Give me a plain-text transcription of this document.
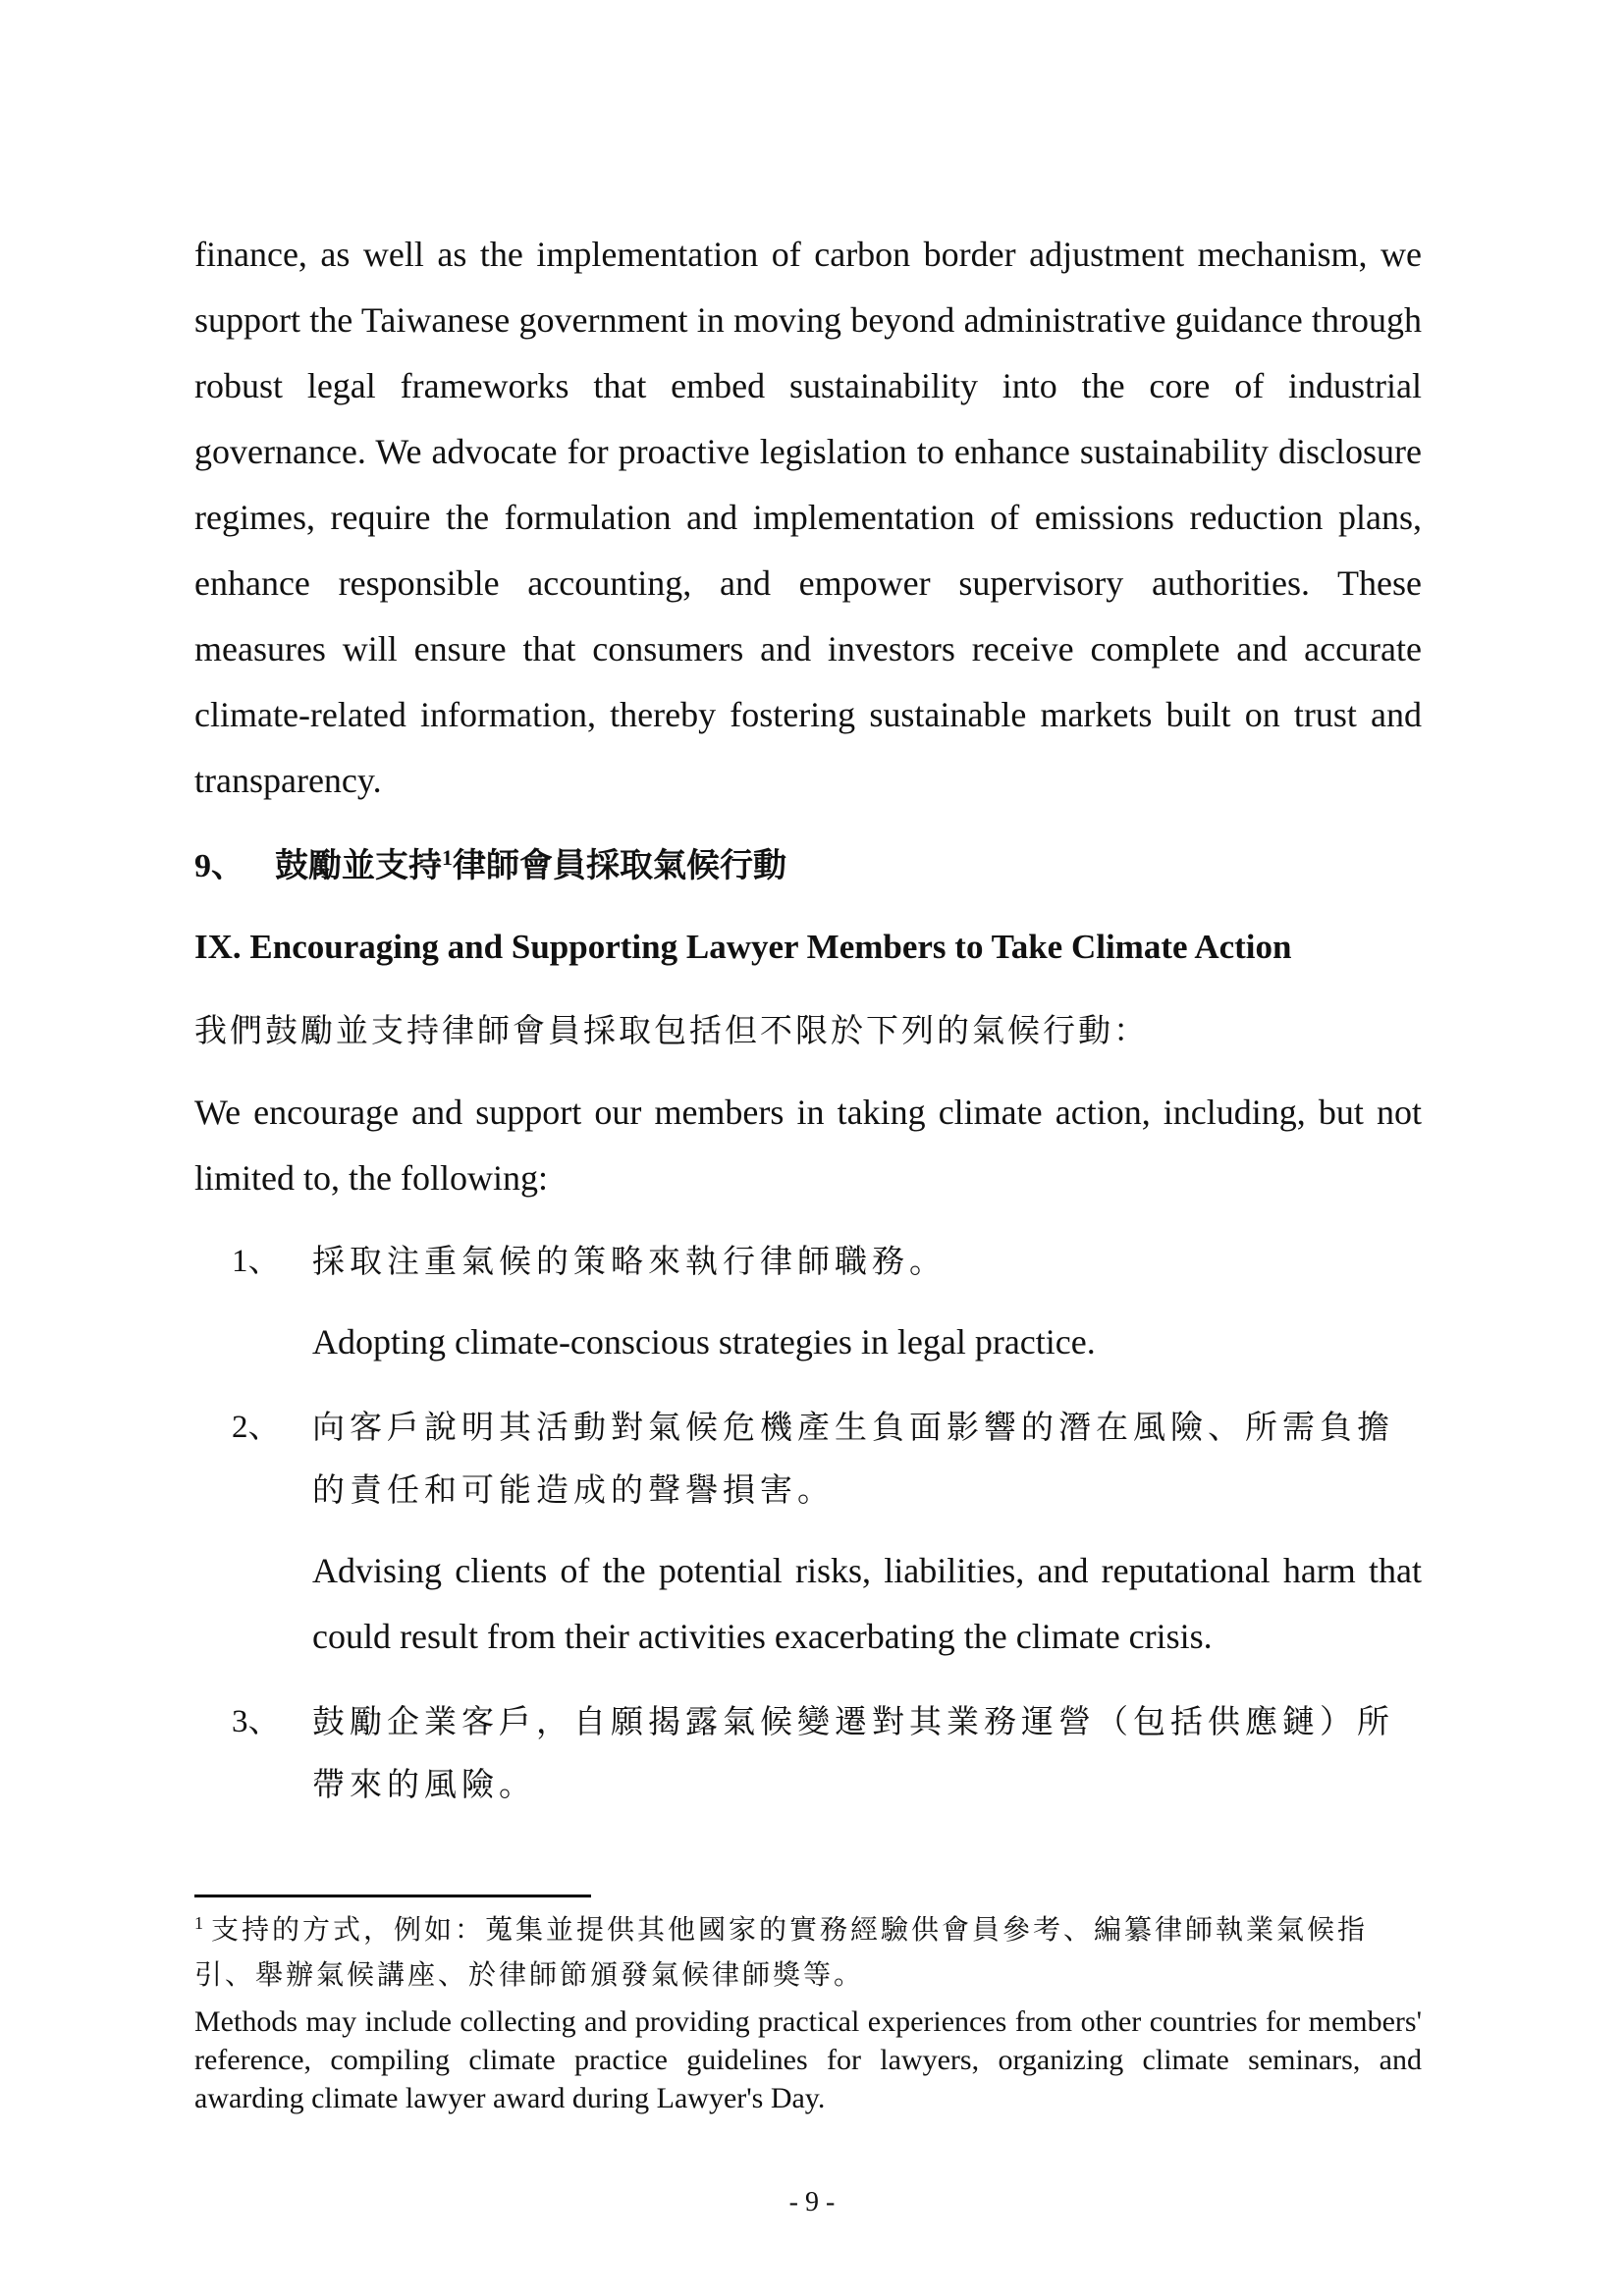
finance, as well as the implementation of carbon border adjustment mechanism, we support the Taiwanese government in moving beyond administrative guidance through robust legal frameworks that embed sustainability into the core of industrial governance. We advocate for proactive legislation to enhance sustainability disclosure regimes, require the formulation and implementation of emissions reduction plans, enhance responsible accounting, and empower supervisory authorities. These measures will ensure that consumers and investors receive complete and accurate climate-related information, thereby fostering sustainable markets built on trust and transparency.

9、 鼓勵並支持$^1$律師會員採取氣候行動
IX. Encouraging and Supporting Lawyer Members to Take Climate Action
我們鼓勵並支持律師會員採取包括但不限於下列的氣候行動：

We encourage and support our members in taking climate action, including, but not limited to, the following:

1、 採取注重氣候的策略來執行律師職務。
Adopting climate-conscious strategies in legal practice.
2、 向客戶說明其活動對氣候危機產生負面影響的潛在風險、所需負擔的責任和可能造成的聲譽損害。
Advising clients of the potential risks, liabilities, and reputational harm that could result from their activities exacerbating the climate crisis.
3、 鼓勵企業客戶，自願揭露氣候變遷對其業務運營（包括供應鏈）所帶來的風險。
$^1$ 支持的方式，例如：蒐集並提供其他國家的實務經驗供會員參考、編纂律師執業氣候指引、舉辦氣候講座、於律師節頒發氣候律師獎等。

Methods may include collecting and providing practical experiences from other countries for members' reference, compiling climate practice guidelines for lawyers, organizing climate seminars, and awarding climate lawyer award during Lawyer's Day.

- 9 -
